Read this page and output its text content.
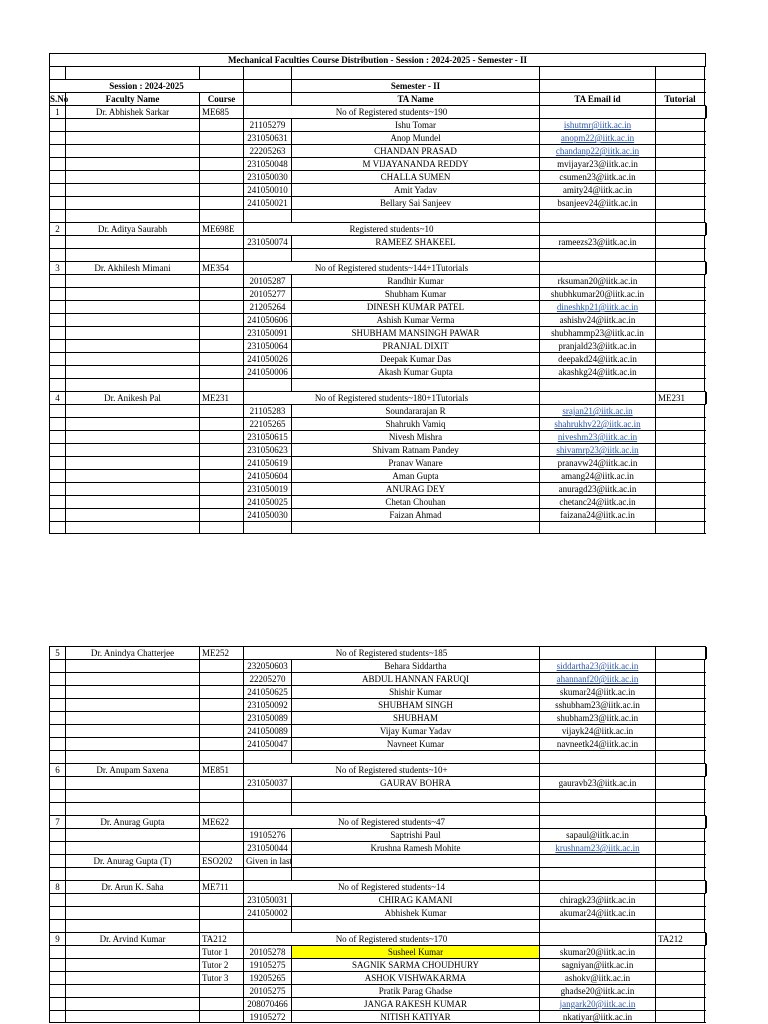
Mechanical Faculties Course Distribution - Session : 2024-2025 - Semester - II
Session : 2024-2025	Semester - II
S.No	Faculty Name	Course	TA Name	TA Email id	Tutorial
1	Dr. Abhishek Sarkar	ME685	No of Registered students~190
21105279	Ishu Tomar	ishutmr@iitk.ac.in
231050631	Anop Mundel	anopm22@iitk.ac.in
22205263	CHANDAN PRASAD	chandanp22@iitk.ac.in
231050048	M VIJAYANANDA REDDY	mvijayar23@iitk.ac.in
231050030	CHALLA SUMEN	csumen23@iitk.ac.in
241050010	Amit Yadav	amity24@iitk.ac.in
241050021	Bellary Sai Sanjeev	bsanjeev24@iitk.ac.in
2	Dr. Aditya Saurabh	ME698E	Registered students~10
231050074	RAMEEZ SHAKEEL	rameezs23@iitk.ac.in
3	Dr. Akhilesh Mimani	ME354	No of Registered students~144+1Tutorials
20105287	Randhir Kumar	rksuman20@iitk.ac.in
20105277	Shubham Kumar	shubhkumar20@iitk.ac.in
21205264	DINESH KUMAR PATEL	dineshkp21@iitk.ac.in
241050606	Ashish Kumar Verma	ashishv24@iitk.ac.in
231050091	SHUBHAM MANSINGH PAWAR	shubhammp23@iitk.ac.in
231050064	PRANJAL DIXIT	pranjald23@iitk.ac.in
241050026	Deepak Kumar Das	deepakd24@iitk.ac.in
241050006	Akash Kumar Gupta	akashkg24@iitk.ac.in
4	Dr. Anikesh Pal	ME231	No of Registered students~180+1Tutorials	ME231
21105283	Soundararajan R	srajan21@iitk.ac.in
22105265	Shahrukh Vamiq	shahrukhv22@iitk.ac.in
231050615	Nivesh Mishra	niveshm23@iitk.ac.in
231050623	Shivam Ratnam Pandey	shivamrp23@iitk.ac.in
241050619	Pranav Wanare	pranavw24@iitk.ac.in
241050604	Aman Gupta	amang24@iitk.ac.in
231050019	ANURAG DEY	anuragd23@iitk.ac.in
241050025	Chetan Chouhan	chetanc24@iitk.ac.in
241050030	Faizan Ahmad	faizana24@iitk.ac.in
5	Dr. Anindya Chatterjee	ME252	No of Registered students~185
232050603	Behara Siddartha	siddartha23@iitk.ac.in
22205270	ABDUL HANNAN FARUQI	ahannanf20@iitk.ac.in
241050625	Shishir Kumar	skumar24@iitk.ac.in
231050092	SHUBHAM SINGH	sshubham23@iitk.ac.in
231050089	SHUBHAM	shubham23@iitk.ac.in
241050089	Vijay Kumar Yadav	vijayk24@iitk.ac.in
241050047	Navneet Kumar	navneetk24@iitk.ac.in
6	Dr. Anupam Saxena	ME851	No of Registered students~10+
231050037	GAURAV BOHRA	gauravb23@iitk.ac.in
7	Dr. Anurag Gupta	ME622	No of Registered students~47
19105276	Saptrishi Paul	sapaul@iitk.ac.in
231050044	Krushna Ramesh Mohite	krushnam23@iitk.ac.in
Dr. Anurag Gupta (T)	ESO202	Given in last
8	Dr. Arun K. Saha	ME711	No of Registered students~14
231050031	CHIRAG KAMANI	chiragk23@iitk.ac.in
241050002	Abhishek Kumar	akumar24@iitk.ac.in
9	Dr. Arvind Kumar	TA212	No of Registered students~170	TA212
Tutor 1	20105278	Susheel Kumar	skumar20@iitk.ac.in
Tutor 2	19105275	SAGNIK SARMA CHOUDHURY	sagniyan@iitk.ac.in
Tutor 3	19205265	ASHOK VISHWAKARMA	ashokv@iitk.ac.in
20105275	Pratik Parag Ghadse	ghadse20@iitk.ac.in
208070466	JANGA RAKESH KUMAR	jangark20@iitk.ac.in
19105272	NITISH KATIYAR	nkatiyar@iitk.ac.in
